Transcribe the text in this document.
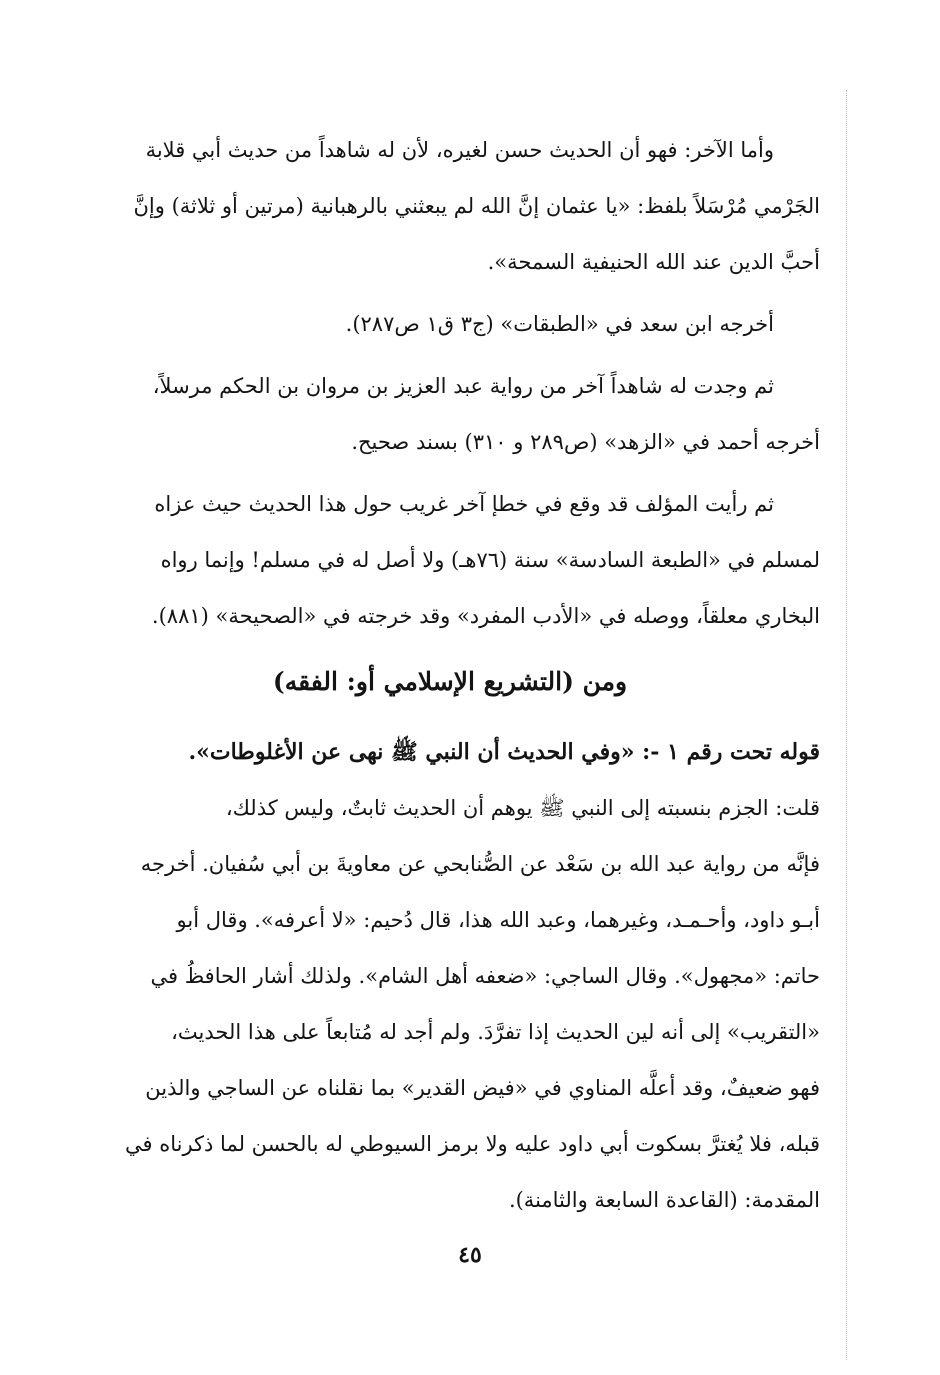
وأما الآخر: فهو أن الحديث حسن لغيره، لأن له شاهداً من حديث أبي قلابة
الجَرْمي مُرْسَلاً بلفظ: «يا عثمان إنَّ الله لم يبعثني بالرهبانية (مرتين أو ثلاثة) وإنَّ
أحبَّ الدين عند الله الحنيفية السمحة».
أخرجه ابن سعد في «الطبقات» (ج٣ ق١ ص٢٨٧).
ثم وجدت له شاهداً آخر من رواية عبد العزيز بن مروان بن الحكم مرسلاً،
أخرجه أحمد في «الزهد» (ص٢٨٩ و ٣١٠) بسند صحيح.
ثم رأيت المؤلف قد وقع في خطإ آخر غريب حول هذا الحديث حيث عزاه
لمسلم في «الطبعة السادسة» سنة (٧٦هـ) ولا أصل له في مسلم! وإنما رواه
البخاري معلقاً، ووصله في «الأدب المفرد» وقد خرجته في «الصحيحة» (٨٨١).
ومن (التشريع الإسلامي أو: الفقه)
قوله تحت رقم ١ -: «وفي الحديث أن النبي ﷺ نهى عن الأغلوطات».
قلت: الجزم بنسبته إلى النبي ﷺ يوهم أن الحديث ثابتٌ، وليس كذلك،
فإنَّه من رواية عبد الله بن سَعْد عن الصُّنابحي عن معاويةَ بن أبي سُفيان. أخرجه
أبـو داود، وأحـمـد، وغيرهما، وعبد الله هذا، قال دُحيم: «لا أعرفه». وقال أبو
حاتم: «مجهول». وقال الساجي: «ضعفه أهل الشام». ولذلك أشار الحافظُ في
«التقريب» إلى أنه لين الحديث إذا تفرَّدَ. ولم أجد له مُتابعاً على هذا الحديث،
فهو ضعيفٌ، وقد أعلَّه المناوي في «فيض القدير» بما نقلناه عن الساجي والذين
قبله، فلا يُغترَّ بسكوت أبي داود عليه ولا برمز السيوطي له بالحسن لما ذكرناه في
المقدمة: (القاعدة السابعة والثامنة).
٤٥
